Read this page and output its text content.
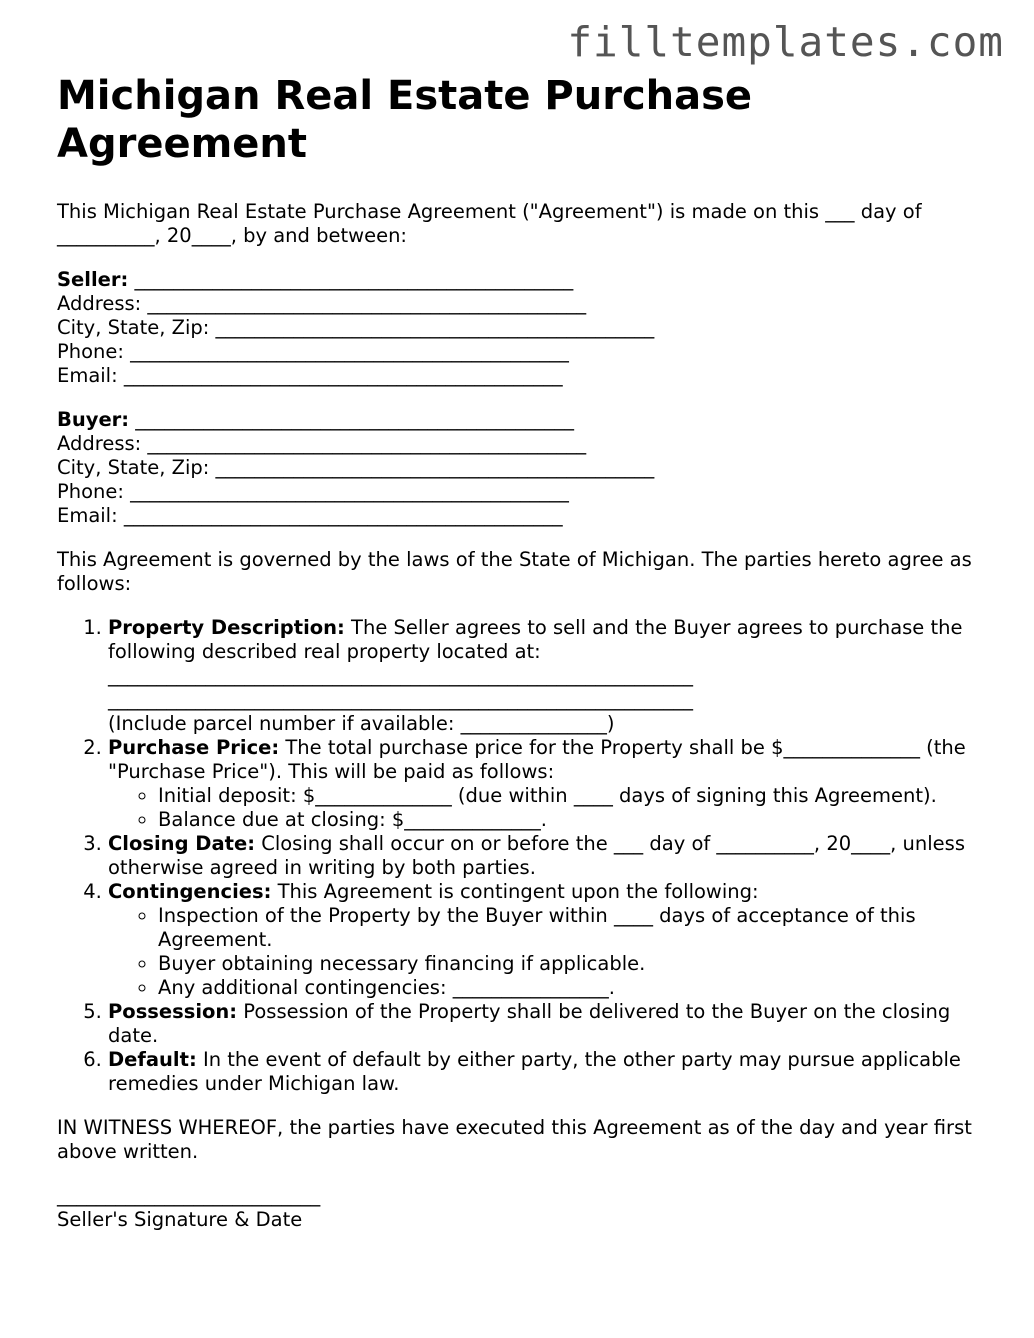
filltemplates.com

Michigan Real Estate Purchase Agreement

This Michigan Real Estate Purchase Agreement ("Agreement") is made on this ___ day of __________, 20____, by and between:

Seller: _____________________________________________
Address: _____________________________________________
City, State, Zip: _____________________________________________
Phone: _____________________________________________
Email: _____________________________________________
Buyer: _____________________________________________
Address: _____________________________________________
City, State, Zip: _____________________________________________
Phone: _____________________________________________
Email: _____________________________________________

This Agreement is governed by the laws of the State of Michigan. The parties hereto agree as follows:

1. Property Description: The Seller agrees to sell and the Buyer agrees to purchase the following described real property located at:
____________________________________________________________
____________________________________________________________
(Include parcel number if available: _______________)
2. Purchase Price: The total purchase price for the Property shall be $______________ (the "Purchase Price"). This will be paid as follows:
◦ Initial deposit: $______________ (due within ____ days of signing this Agreement).
◦ Balance due at closing: $______________.
3. Closing Date: Closing shall occur on or before the ___ day of __________, 20____, unless otherwise agreed in writing by both parties.
4. Contingencies: This Agreement is contingent upon the following:
◦ Inspection of the Property by the Buyer within ____ days of acceptance of this Agreement.
◦ Buyer obtaining necessary financing if applicable.
◦ Any additional contingencies: ________________.
5. Possession: Possession of the Property shall be delivered to the Buyer on the closing date.
6. Default: In the event of default by either party, the other party may pursue applicable remedies under Michigan law.

IN WITNESS WHEREOF, the parties have executed this Agreement as of the day and year first above written.

___________________________
Seller's Signature & Date
